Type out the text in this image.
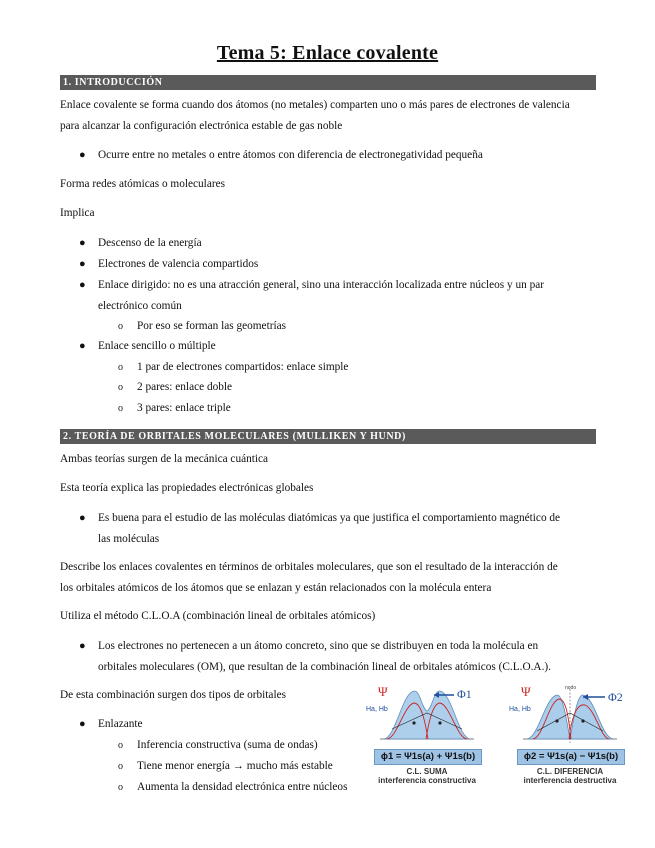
Tema 5: Enlace covalente
1. INTRODUCCIÓN
Enlace covalente se forma cuando dos átomos (no metales) comparten uno o más pares de electrones de valencia
para alcanzar la configuración electrónica estable de gas noble
● Ocurre entre no metales o entre átomos con diferencia de electronegatividad pequeña
Forma redes atómicas o moleculares
Implica
● Descenso de la energía
● Electrones de valencia compartidos
● Enlace dirigido: no es una atracción general, sino una interacción localizada entre núcleos y un par
electrónico común
o Por eso se forman las geometrías
● Enlace sencillo o múltiple
o 1 par de electrones compartidos: enlace simple
o 2 pares: enlace doble
o 3 pares: enlace triple
2. TEORÍA DE ORBITALES MOLECULARES (MULLIKEN Y HUND)
Ambas teorías surgen de la mecánica cuántica
Esta teoría explica las propiedades electrónicas globales
● Es buena para el estudio de las moléculas diatómicas ya que justifica el comportamiento magnético de
las moléculas
Describe los enlaces covalentes en términos de orbitales moleculares, que son el resultado de la interacción de
los orbitales atómicos de los átomos que se enlazan y están relacionados con la molécula entera
Utiliza el método C.L.O.A (combinación lineal de orbitales atómicos)
● Los electrones no pertenecen a un átomo concreto, sino que se distribuyen en toda la molécula en
orbitales moleculares (OM), que resultan de la combinación lineal de orbitales atómicos (C.L.O.A.).
De esta combinación surgen dos tipos de orbitales
● Enlazante
o Inferencia constructiva (suma de ondas)
o Tiene menor energía → mucho más estable
o Aumenta la densidad electrónica entre núcleos
Ψ
Ha, Hb
Φ1
ϕ1 = Ψ1s(a) + Ψ1s(b)
C.L. SUMA
interferencia constructiva
nodo
Ψ
Ha, Hb
Φ2
ϕ2 = Ψ1s(a) − Ψ1s(b)
C.L. DIFERENCIA
interferencia destructiva
